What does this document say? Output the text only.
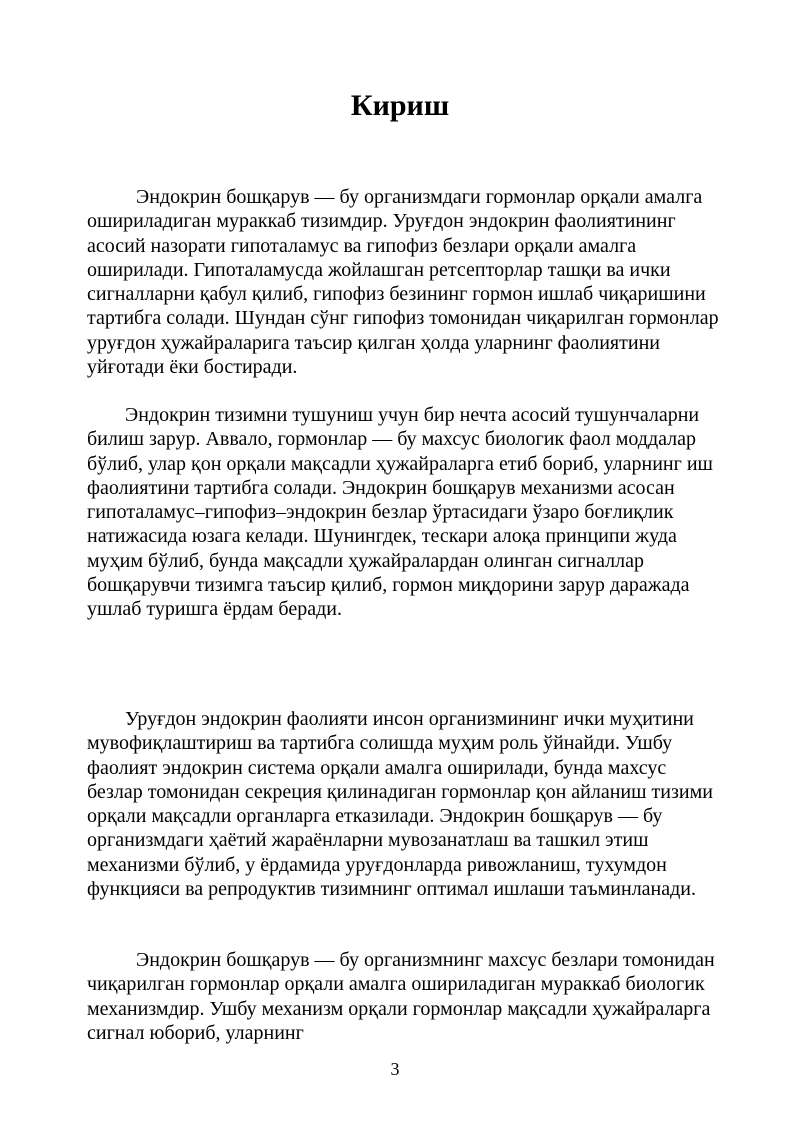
Кириш

Эндокрин бошқарув — бу организмдаги гормонлар орқали амалга ошириладиган мураккаб тизимдир. Уруғдон эндокрин фаолиятининг асосий назорати гипоталамус ва гипофиз безлари орқали амалга оширилади. Гипоталамусда жойлашган ретсепторлар ташқи ва ички сигналларни қабул қилиб, гипофиз безининг гормон ишлаб чиқаришини тартибга солади. Шундан сўнг гипофиз томонидан чиқарилган гормонлар уруғдон ҳужайраларига таъсир қилган ҳолда уларнинг фаолиятини уйғотади ёки бостиради.

Эндокрин тизимни тушуниш учун бир нечта асосий тушунчаларни билиш зарур. Аввало, гормонлар — бу махсус биологик фаол моддалар бўлиб, улар қон орқали мақсадли ҳужайраларга етиб бориб, уларнинг иш фаолиятини тартибга солади. Эндокрин бошқарув механизми асосан гипоталамус–гипофиз–эндокрин безлар ўртасидаги ўзаро боғлиқлик натижасида юзага келади. Шунингдек, тескари алоқа принципи жуда муҳим бўлиб, бунда мақсадли ҳужайралардан олинган сигналлар бошқарувчи тизимга таъсир қилиб, гормон миқдорини зарур даражада ушлаб туришга ёрдам беради.

Уруғдон эндокрин фаолияти инсон организмининг ички муҳитини мувофиқлаштириш ва тартибга солишда муҳим роль ўйнайди. Ушбу фаолият эндокрин система орқали амалга оширилади, бунда махсус безлар томонидан секреция қилинадиган гормонлар қон айланиш тизими орқали мақсадли органларга етказилади. Эндокрин бошқарув — бу организмдаги ҳаётий жараёнларни мувозанатлаш ва ташкил этиш механизми бўлиб, у ёрдамида уруғдонларда ривожланиш, тухумдон функцияси ва репродуктив тизимнинг оптимал ишлаши таъминланади.

Эндокрин бошқарув — бу организмнинг махсус безлари томонидан чиқарилган гормонлар орқали амалга ошириладиган мураккаб биологик механизмдир. Ушбу механизм орқали гормонлар мақсадли ҳужайраларга сигнал юбориб, уларнинг

3
